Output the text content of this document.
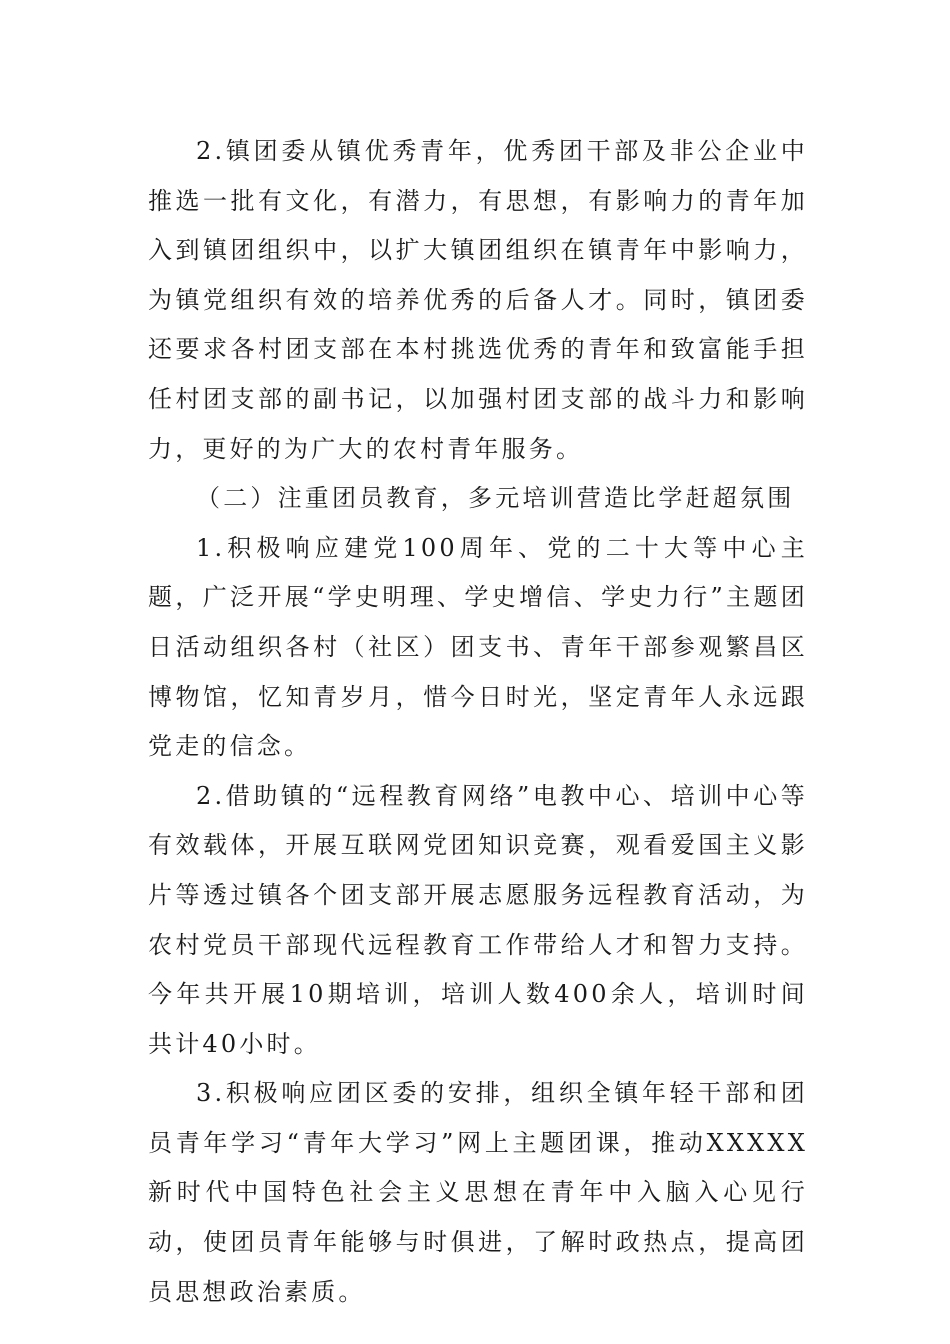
2.镇团委从镇优秀青年，优秀团干部及非公企业中推选一批有文化，有潜力，有思想，有影响力的青年加入到镇团组织中，以扩大镇团组织在镇青年中影响力，为镇党组织有效的培养优秀的后备人才。同时，镇团委还要求各村团支部在本村挑选优秀的青年和致富能手担任村团支部的副书记，以加强村团支部的战斗力和影响力，更好的为广大的农村青年服务。

（二）注重团员教育，多元培训营造比学赶超氛围

1.积极响应建党100周年、党的二十大等中心主题，广泛开展“学史明理、学史增信、学史力行”主题团日活动组织各村（社区）团支书、青年干部参观繁昌区博物馆，忆知青岁月，惜今日时光，坚定青年人永远跟党走的信念。

2.借助镇的“远程教育网络”电教中心、培训中心等有效载体，开展互联网党团知识竞赛，观看爱国主义影片等透过镇各个团支部开展志愿服务远程教育活动，为农村党员干部现代远程教育工作带给人才和智力支持。今年共开展10期培训，培训人数400余人，培训时间共计40小时。

3.积极响应团区委的安排，组织全镇年轻干部和团员青年学习“青年大学习”网上主题团课，推动XXXXX新时代中国特色社会主义思想在青年中入脑入心见行动，使团员青年能够与时俱进，了解时政热点，提高团员思想政治素质。
